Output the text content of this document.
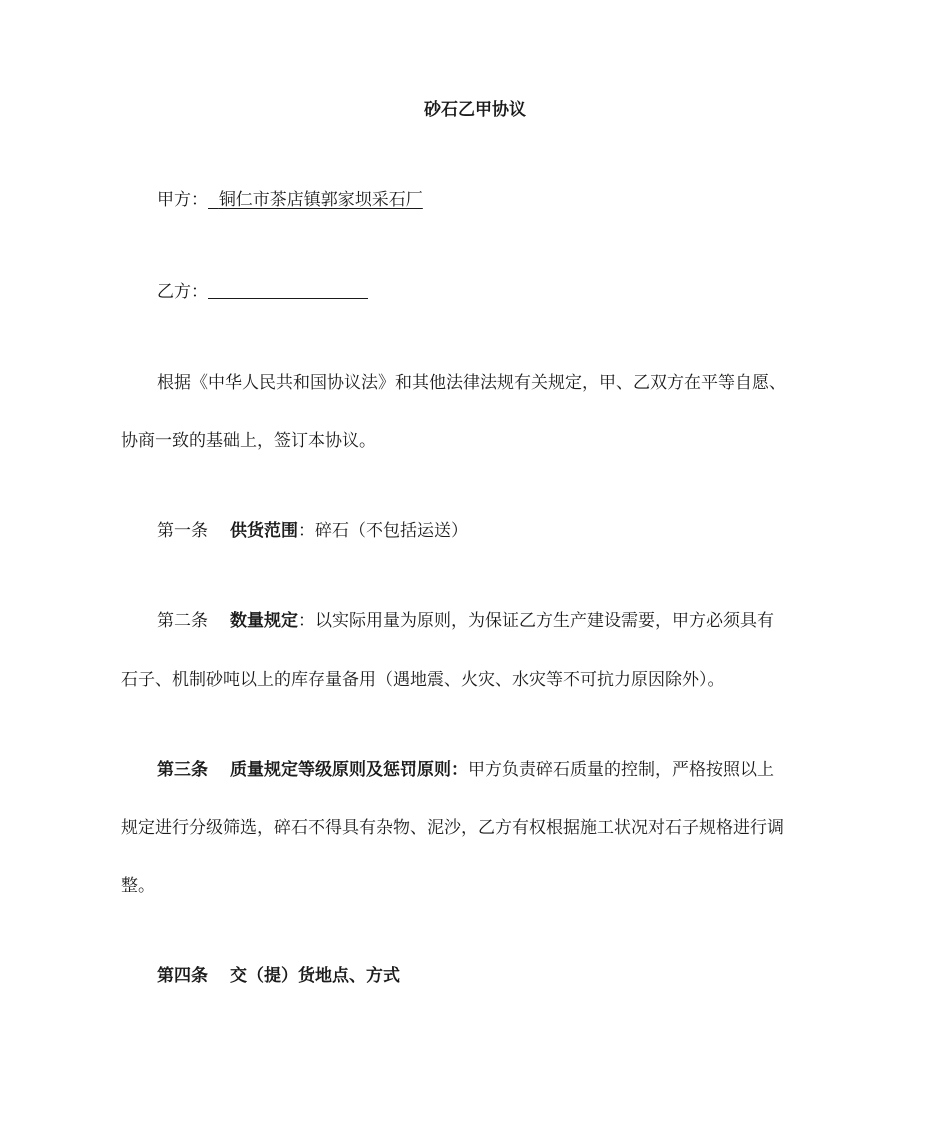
砂石乙甲协议
甲方： 铜仁市茶店镇郭家坝采石厂
乙方：
根据《中华人民共和国协议法》和其他法律法规有关规定，甲、乙双方在平等自愿、
协商一致的基础上，签订本协议。
第一条 供货范围：碎石（不包括运送）
第二条 数量规定：以实际用量为原则，为保证乙方生产建设需要，甲方必须具有
石子、机制砂吨以上的库存量备用（遇地震、火灾、水灾等不可抗力原因除外）。
第三条 质量规定等级原则及惩罚原则：甲方负责碎石质量的控制，严格按照以上
规定进行分级筛选，碎石不得具有杂物、泥沙，乙方有权根据施工状况对石子规格进行调
整。
第四条 交（提）货地点、方式
